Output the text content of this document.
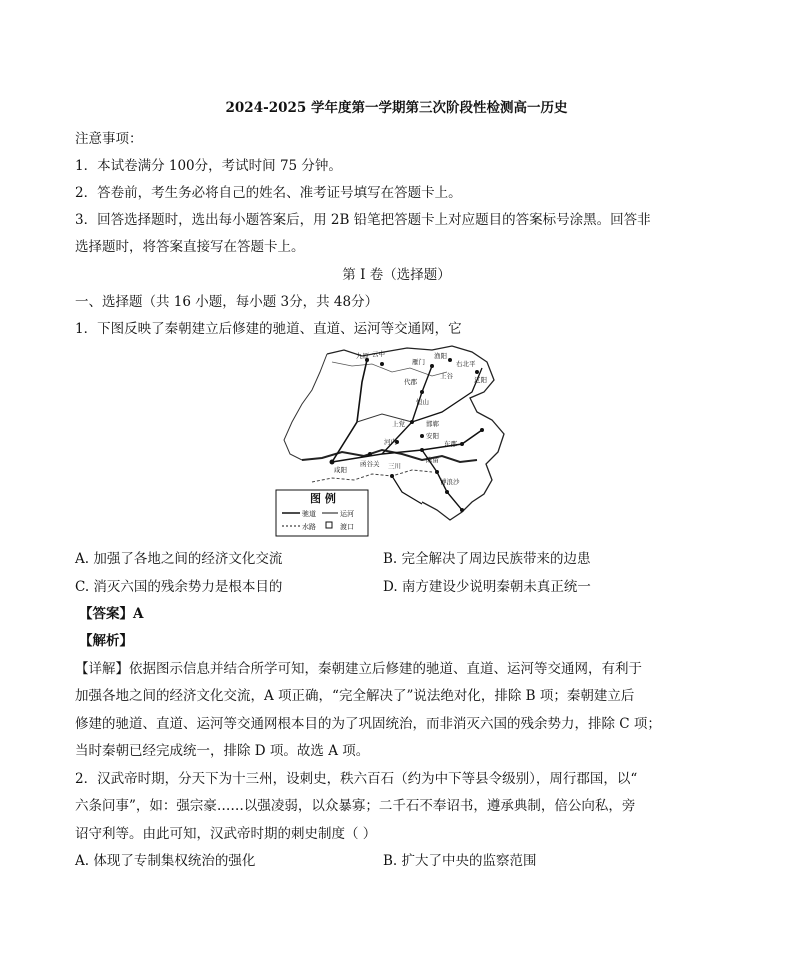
2024-2025 学年度第一学期第三次阶段性检测高一历史
注意事项：
1．本试卷满分 100分，考试时间 75 分钟。
2．答卷前，考生务必将自己的姓名、准考证号填写在答题卡上。
3．回答选择题时，选出每小题答案后，用 2B 铅笔把答题卡上对应题目的答案标号涂黑。回答非
选择题时，将答案直接写在答题卡上。
第 I 卷（选择题）
一、选择题（共 16 小题，每小题 3分，共 48分）
1．下图反映了秦朝建立后修建的驰道、直道、运河等交通网，它
九原 云中
雁门
渔阳
右北平
辽阳
代郡
上谷
恒山
邯郸
上党
安阳
河内	东郡
咸阳
函谷关 三川
陈留
博浪沙
图 例
驰道	运河
水路	渡口
A. 加强了各地之间的经济文化交流	B. 完全解决了周边民族带来的边患
C. 消灭六国的残余势力是根本目的	D. 南方建设少说明秦朝未真正统一
【答案】A
【解析】
【详解】依据图示信息并结合所学可知，秦朝建立后修建的驰道、直道、运河等交通网，有利于
加强各地之间的经济文化交流，A 项正确，“完全解决了”说法绝对化，排除 B 项；秦朝建立后
修建的驰道、直道、运河等交通网根本目的为了巩固统治，而非消灭六国的残余势力，排除 C 项；
当时秦朝已经完成统一，排除 D 项。故选 A 项。
2．汉武帝时期，分天下为十三州，设刺史，秩六百石（约为中下等县令级别），周行郡国，以“
六条问事”，如：强宗豪……以强凌弱，以众暴寡；二千石不奉诏书，遵承典制，倍公向私，旁
诏守利等。由此可知，汉武帝时期的刺史制度（ ）
A. 体现了专制集权统治的强化	B. 扩大了中央的监察范围
